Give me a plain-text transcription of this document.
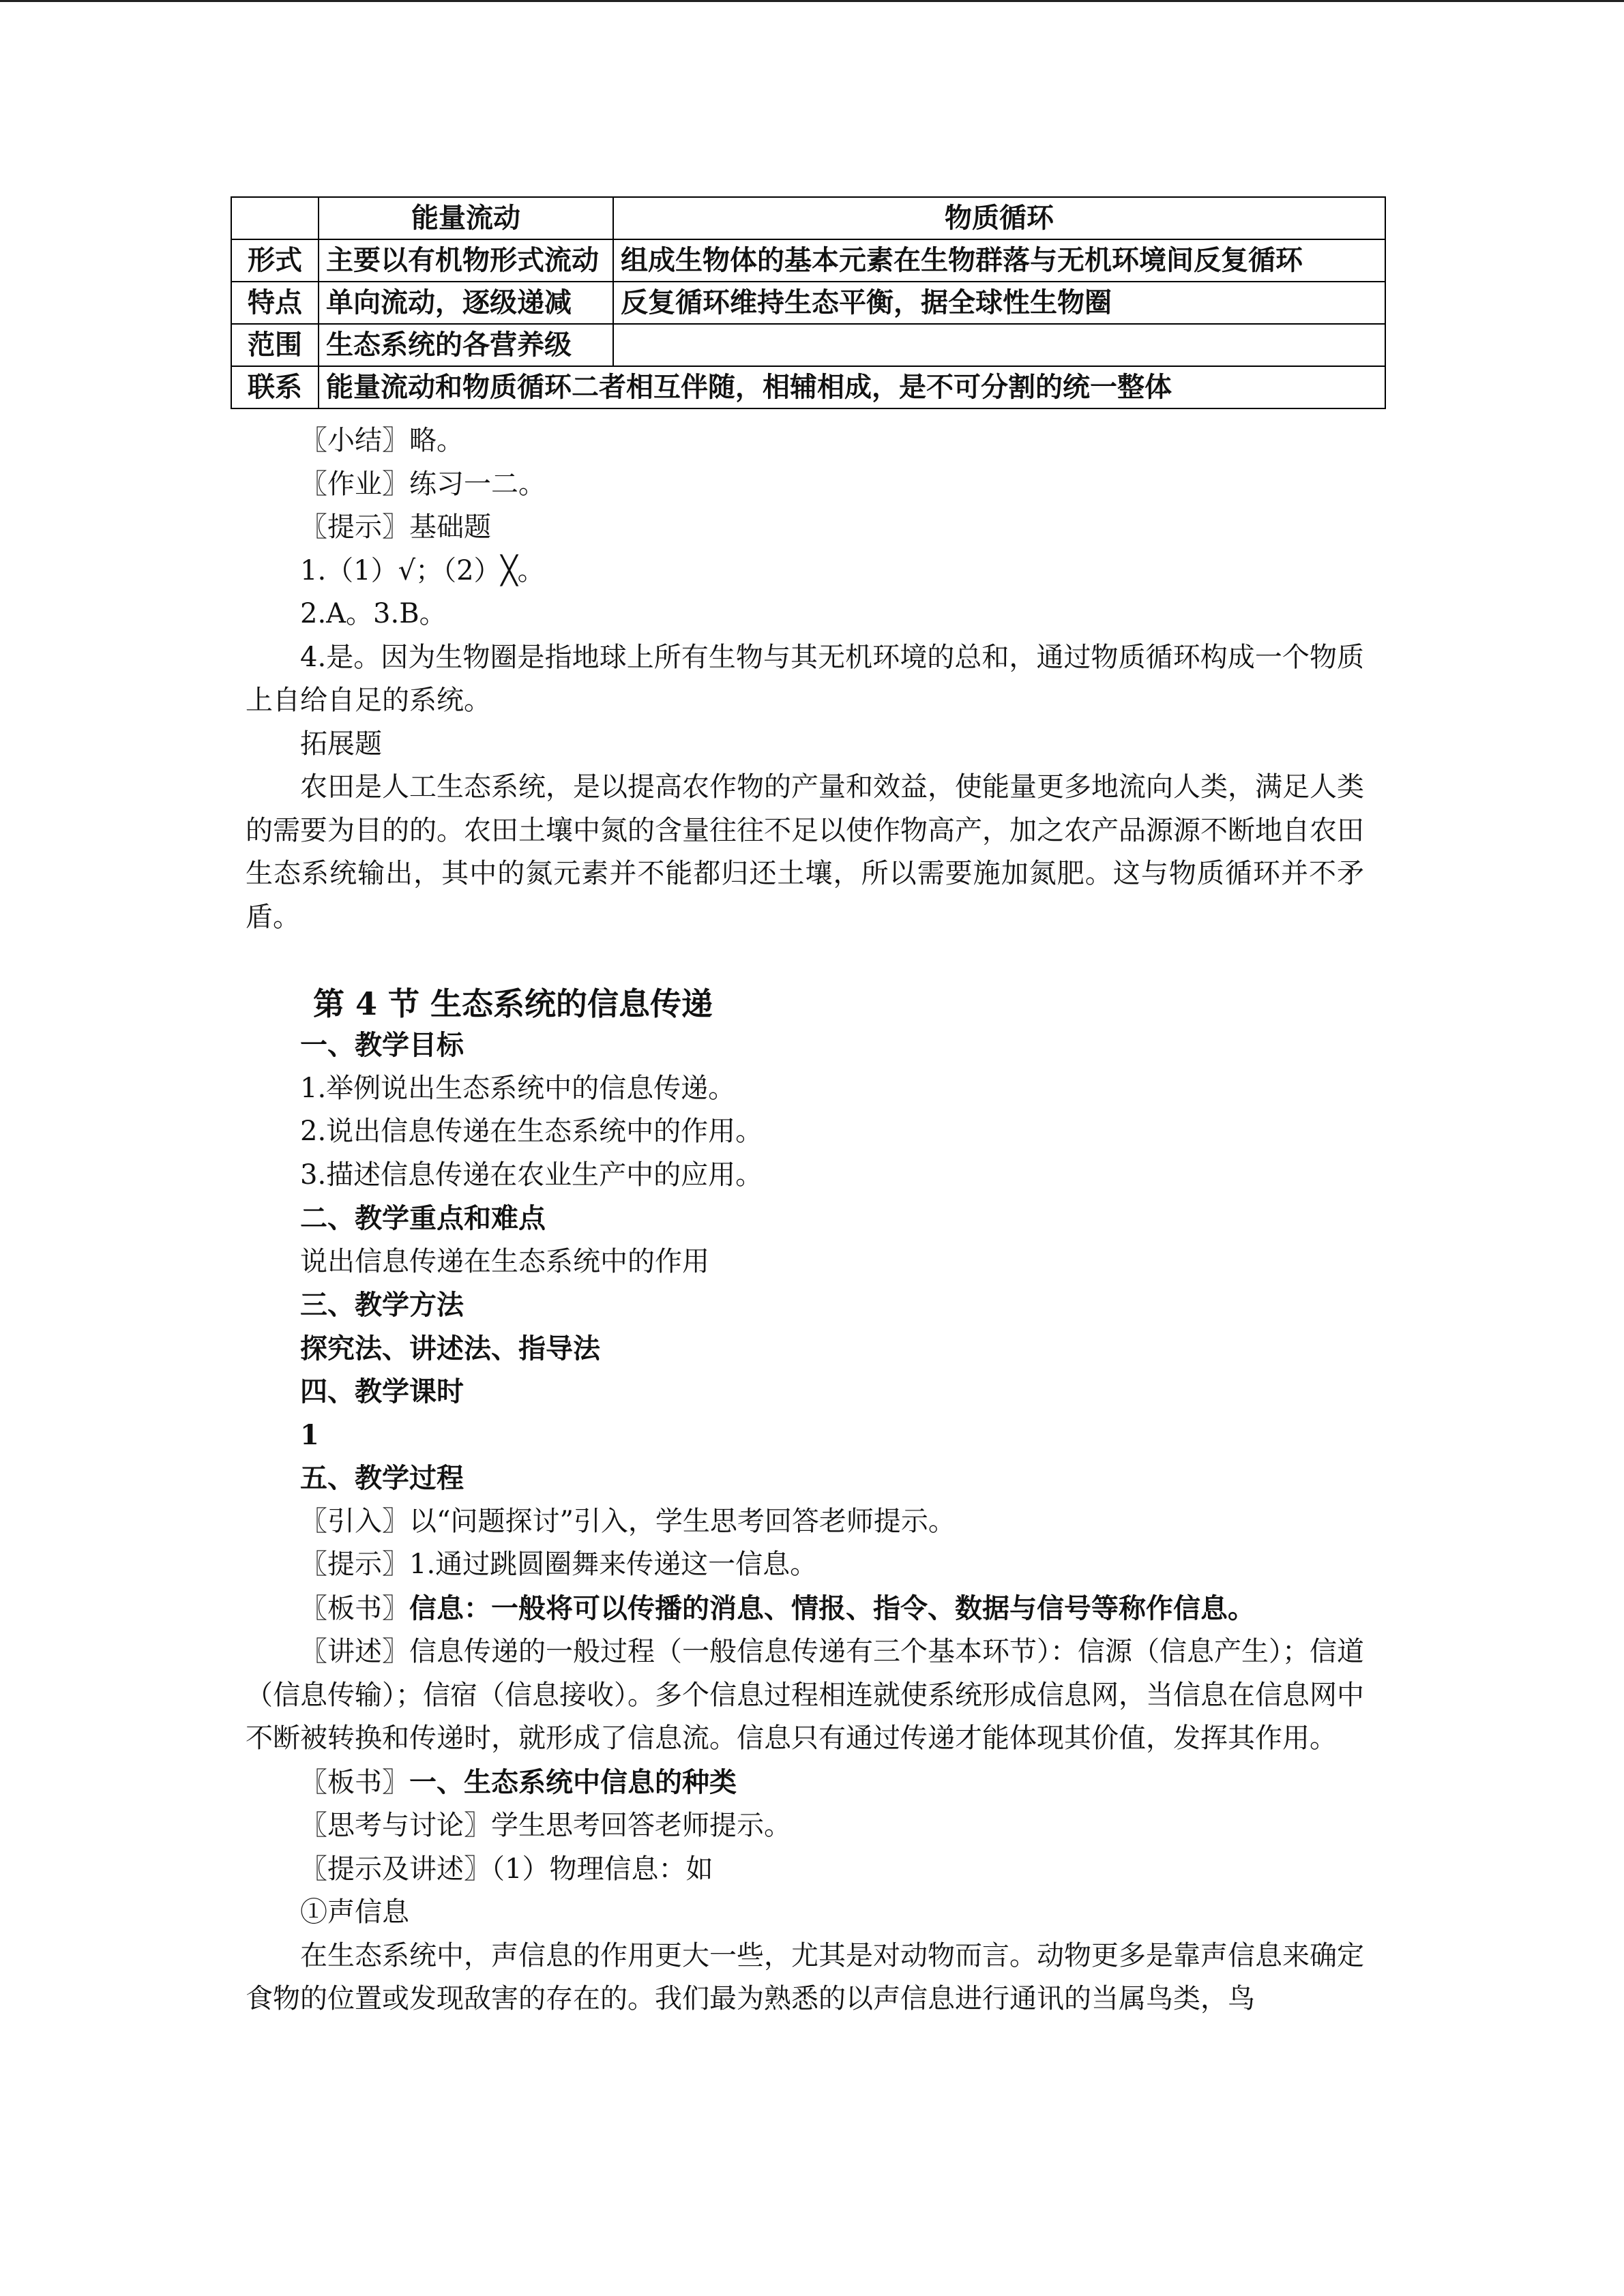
	能量流动	物质循环
形式	主要以有机物形式流动	组成生物体的基本元素在生物群落与无机环境间反复循环
特点	单向流动，逐级递减	反复循环维持生态平衡，据全球性生物圈
范围	生态系统的各营养级	
联系	能量流动和物质循环二者相互伴随，相辅相成，是不可分割的统一整体	

〖小结〗略。

〖作业〗练习一二。

〖提示〗基础题

1.（1）√；（2）╳。

2.A。3.B。

4.是。因为生物圈是指地球上所有生物与其无机环境的总和，通过物质循环构成一个物质上自给自足的系统。

拓展题

农田是人工生态系统，是以提高农作物的产量和效益，使能量更多地流向人类，满足人类的需要为目的的。农田土壤中氮的含量往往不足以使作物高产，加之农产品源源不断地自农田生态系统输出，其中的氮元素并不能都归还土壤，所以需要施加氮肥。这与物质循环并不矛盾。

第 4 节 生态系统的信息传递

一、教学目标

1.举例说出生态系统中的信息传递。

2.说出信息传递在生态系统中的作用。

3.描述信息传递在农业生产中的应用。

二、教学重点和难点

说出信息传递在生态系统中的作用

三、教学方法

探究法、讲述法、指导法

四、教学课时

1

五、教学过程

〖引入〗以“问题探讨”引入，学生思考回答老师提示。

〖提示〗1.通过跳圆圈舞来传递这一信息。

〖板书〗信息：一般将可以传播的消息、情报、指令、数据与信号等称作信息。

〖讲述〗信息传递的一般过程（一般信息传递有三个基本环节）：信源（信息产生）；信道（信息传输）；信宿（信息接收）。多个信息过程相连就使系统形成信息网，当信息在信息网中不断被转换和传递时，就形成了信息流。信息只有通过传递才能体现其价值，发挥其作用。

〖板书〗一、生态系统中信息的种类

〖思考与讨论〗学生思考回答老师提示。

〖提示及讲述〗（1）物理信息：如

①声信息

在生态系统中，声信息的作用更大一些，尤其是对动物而言。动物更多是靠声信息来确定食物的位置或发现敌害的存在的。我们最为熟悉的以声信息进行通讯的当属鸟类，鸟
